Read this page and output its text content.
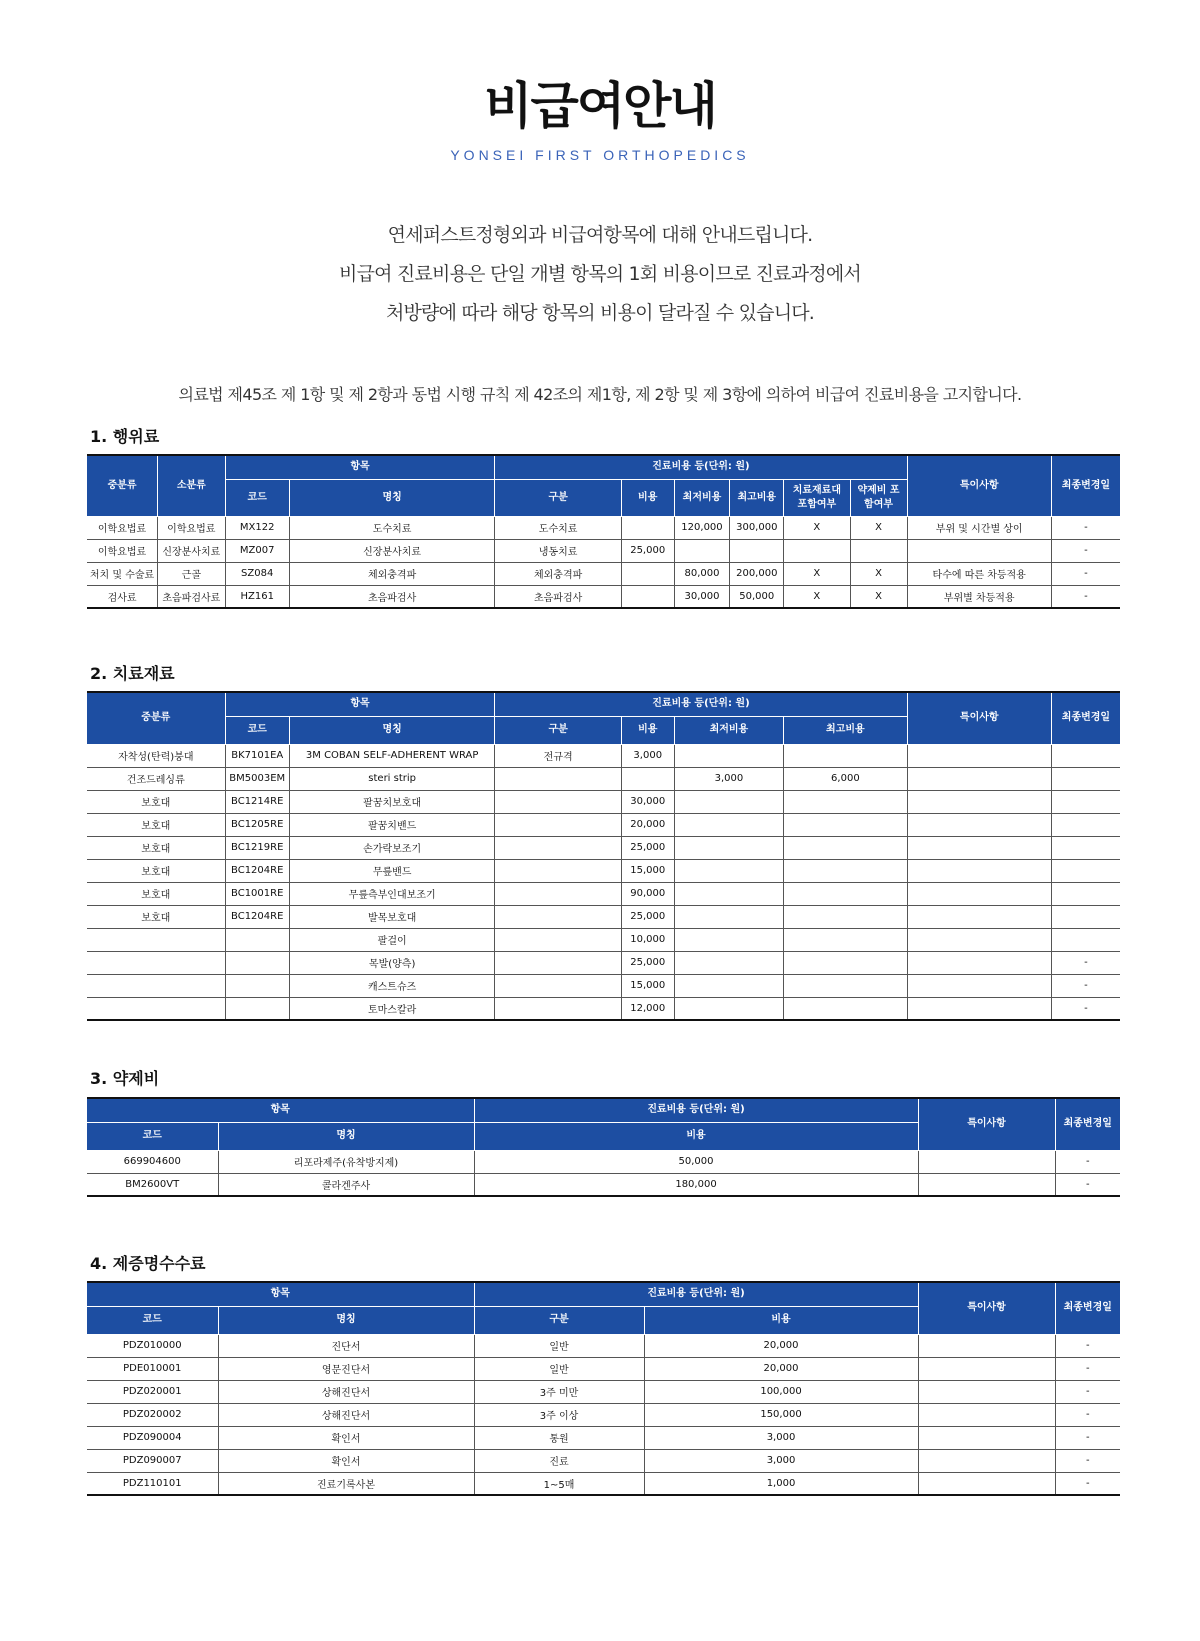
비급여안내
YONSEI FIRST ORTHOPEDICS
연세퍼스트정형외과 비급여항목에 대해 안내드립니다.
비급여 진료비용은 단일 개별 항목의 1회 비용이므로 진료과정에서
처방량에 따라 해당 항목의 비용이 달라질 수 있습니다.
의료법 제45조 제 1항 및 제 2항과 동법 시행 규칙 제 42조의 제1항, 제 2항 및 제 3항에 의하여 비급여 진료비용을 고지합니다.
1. 행위료
중분류	소분류	항목		진료비용 등(단위: 원)						특이사항	최종변경일
		코드	명칭	구분	비용	최저비용	최고비용	치료재료대 포함여부	약제비 포함여부		
이학요법료	이학요법료	MX122	도수치료	도수치료		120,000	300,000	X	X	부위 및 시간별 상이	-
이학요법료	신장분사치료	MZ007	신장분사치료	냉동치료	25,000						-
처치 및 수술료	근골	SZ084	체외충격파	체외충격파		80,000	200,000	X	X	타수에 따른 차등적용	-
검사료	초음파검사료	HZ161	초음파검사	초음파검사		30,000	50,000	X	X	부위별 차등적용	-
2. 치료재료
중분류	항목		진료비용 등(단위: 원)				특이사항	최종변경일
	코드	명칭	구분	비용	최저비용	최고비용		
자착성(탄력)붕대	BK7101EA	3M COBAN SELF-ADHERENT WRAP	전규격	3,000				
건조드레싱류	BM5003EM	steri strip			3,000	6,000		
보호대	BC1214RE	팔꿈치보호대		30,000				
보호대	BC1205RE	팔꿈치밴드		20,000				
보호대	BC1219RE	손가락보조기		25,000				
보호대	BC1204RE	무릎밴드		15,000				
보호대	BC1001RE	무릎측부인대보조기		90,000				
보호대	BC1204RE	발목보호대		25,000				
		팔걸이		10,000				
		목발(양측)		25,000				-
		캐스트슈즈		15,000				-
		토마스칼라		12,000				-
3. 약제비
항목		진료비용 등(단위: 원)	특이사항	최종변경일
코드	명칭	비용		
669904600	리포라제주(유착방지제)	50,000		-
BM2600VT	콜라겐주사	180,000		-
4. 제증명수수료
항목		진료비용 등(단위: 원)		특이사항	최종변경일
코드	명칭	구분	비용		
PDZ010000	진단서	일반	20,000		-
PDE010001	영문진단서	일반	20,000		-
PDZ020001	상해진단서	3주 미만	100,000		-
PDZ020002	상해진단서	3주 이상	150,000		-
PDZ090004	확인서	통원	3,000		-
PDZ090007	확인서	진료	3,000		-
PDZ110101	진료기록사본	1~5매	1,000		-
